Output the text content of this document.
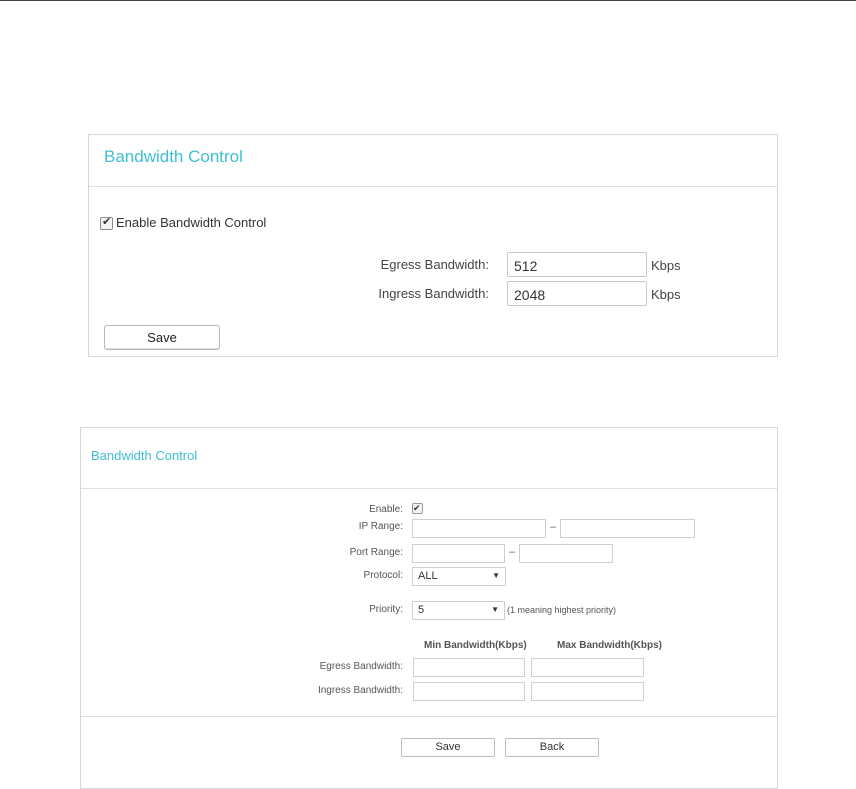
Bandwidth Control
✔ Enable Bandwidth Control
Egress Bandwidth:	512	Kbps
Ingress Bandwidth:	2048	Kbps
Save
Bandwidth Control
Enable: ✔
IP Range:	–
Port Range:	–
Protocol:	ALL	▼
Priority:	5	▼ (1 meaning highest priority)
Min Bandwidth(Kbps)	Max Bandwidth(Kbps)
Egress Bandwidth:
Ingress Bandwidth:
Save	Back
